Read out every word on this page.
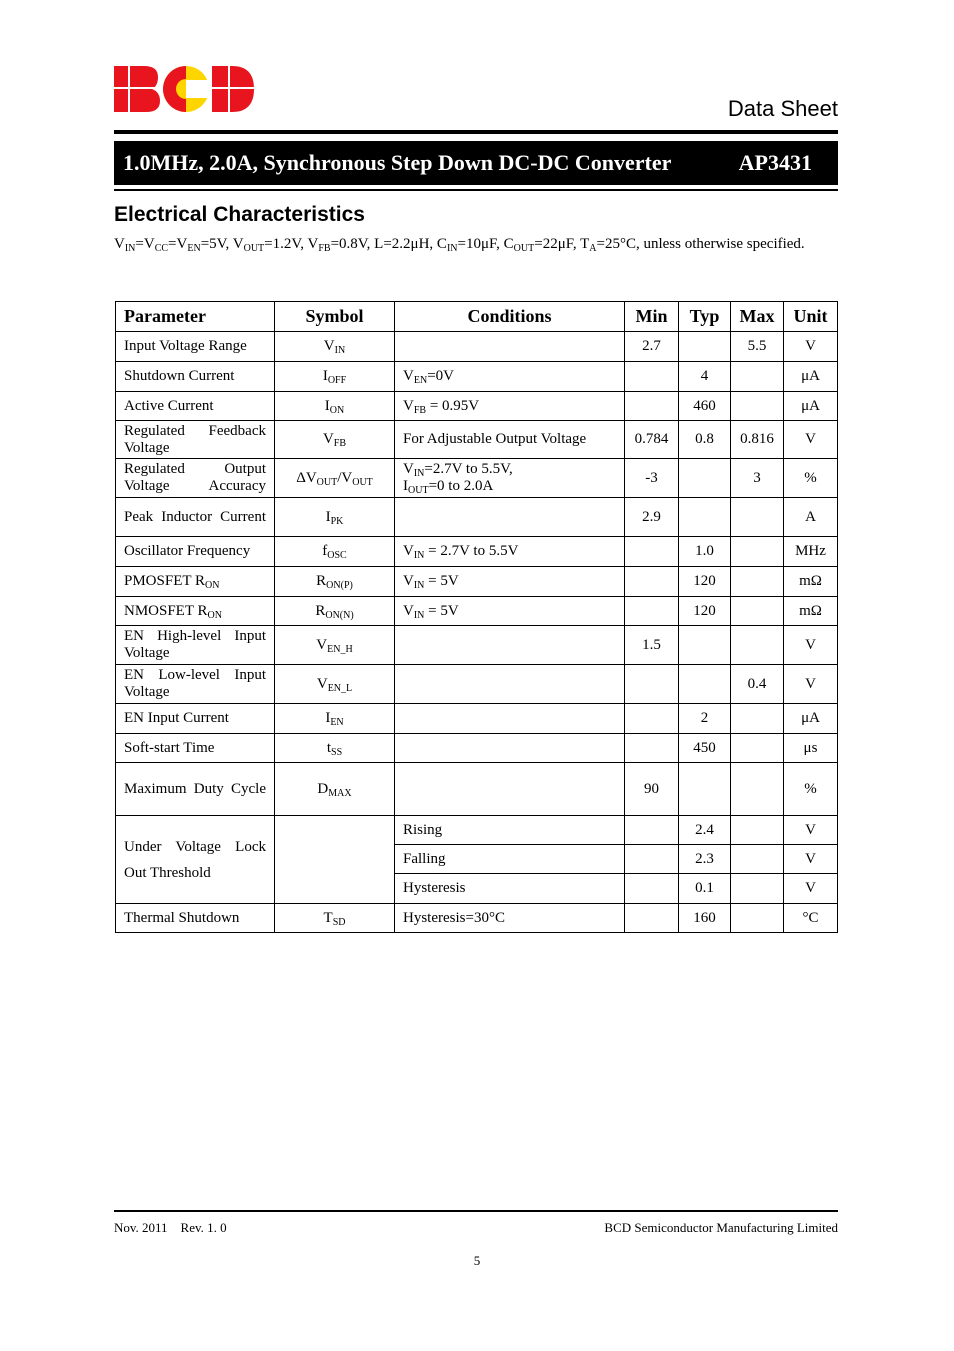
Data Sheet
1.0MHz, 2.0A, Synchronous Step Down DC-DC Converter	AP3431
Electrical Characteristics
$V_{IN}=V_{CC}=V_{EN}=5V$, $V_{OUT}=1.2V$, $V_{FB}=0.8V$, L=2.2μH, $C_{IN}=10\mu F$, $C_{OUT}=22\mu F$, $T_A=25^\circ C$, unless otherwise specified.
Parameter	Symbol	Conditions	Min	Typ	Max	Unit
Input Voltage Range	$V_{IN}$		2.7		5.5	V
Shutdown Current	$I_{OFF}$	$V_{EN}=0V$		4		μA
Active Current	$I_{ON}$	$V_{FB} = 0.95V$		460		μA
Regulated Feedback Voltage	$V_{FB}$	For Adjustable Output Voltage	0.784	0.8	0.816	V
Regulated Output Voltage Accuracy	$\Delta V_{OUT}/V_{OUT}$	$V_{IN}=2.7V$ to 5.5V,
$I_{OUT}=0$ to 2.0A	-3		3	%
Peak Inductor Current	$I_{PK}$		2.9			A
Oscillator Frequency	$f_{OSC}$	$V_{IN} = 2.7V$ to 5.5V		1.0		MHz
PMOSFET $R_{ON}$	$R_{ON(P)}$	$V_{IN} = 5V$		120		mΩ
NMOSFET $R_{ON}$	$R_{ON(N)}$	$V_{IN} = 5V$		120		mΩ
EN High-level Input Voltage	$V_{EN\_H}$		1.5			V
EN Low-level Input Voltage	$V_{EN\_L}$				0.4	V
EN Input Current	$I_{EN}$			2		μA
Soft-start Time	$t_{SS}$			450		μs
Maximum Duty Cycle	$D_{MAX}$		90			%
Under Voltage Lock Out Threshold		Rising		2.4		V
		Falling		2.3		V
		Hysteresis		0.1		V
Thermal Shutdown	$T_{SD}$	Hysteresis=30°C		160		°C
Nov. 2011    Rev. 1. 0	BCD Semiconductor Manufacturing Limited
5
